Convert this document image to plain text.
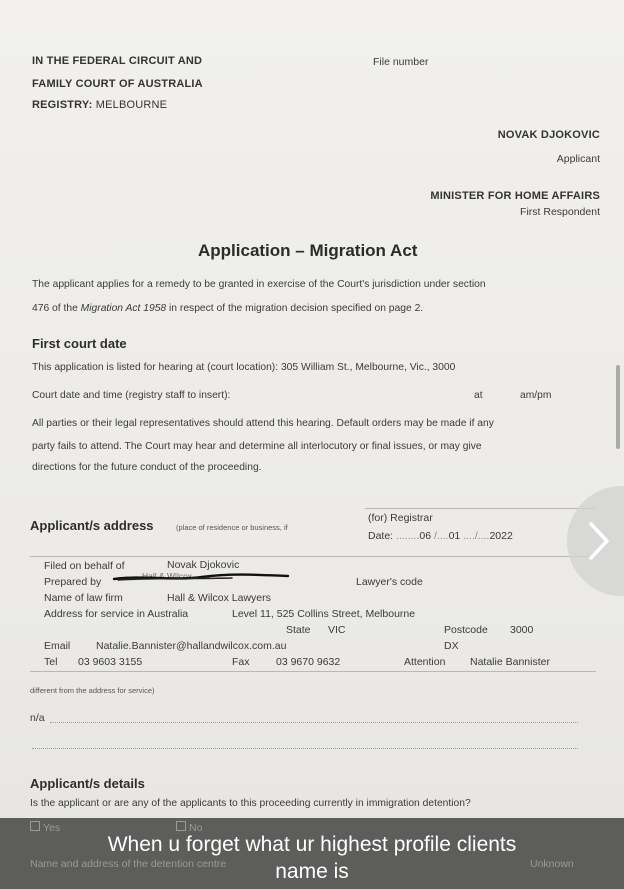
IN THE FEDERAL CIRCUIT AND
FAMILY COURT OF AUSTRALIA
REGISTRY: MELBOURNE
File number
NOVAK DJOKOVIC
Applicant
MINISTER FOR HOME AFFAIRS
First Respondent
Application – Migration Act
The applicant applies for a remedy to be granted in exercise of the Court's jurisdiction under section
476 of the Migration Act 1958 in respect of the migration decision specified on page 2.
First court date
This application is listed for hearing at (court location): 305 William St., Melbourne, Vic., 3000
Court date and time (registry staff to insert):	at	am/pm
All parties or their legal representatives should attend this hearing. Default orders may be made if any
party fails to attend. The Court may hear and determine all interlocutory or final issues, or may give
directions for the future conduct of the proceeding.
(for) Registrar
Date: ........06 /....01 ..../....2022
Applicant/s address	(place of residence or business, if
Filed on behalf of	Novak Djokovic
Prepared by	Hall & Wilcox	Lawyer's code
Name of law firm	Hall & Wilcox Lawyers
Address for service in Australia	Level 11, 525 Collins Street, Melbourne
State VIC	Postcode 3000
Email Natalie.Bannister@hallandwilcox.com.au	DX
Tel 03 9603 3155	Fax	03 9670 9632	Attention Natalie Bannister
different from the address for service)
n/a
Applicant/s details
Is the applicant or are any of the applicants to this proceeding currently in immigration detention?
Yes	No
Name and address of the detention centre	Unknown
When u forget what ur highest profile clients
name is
